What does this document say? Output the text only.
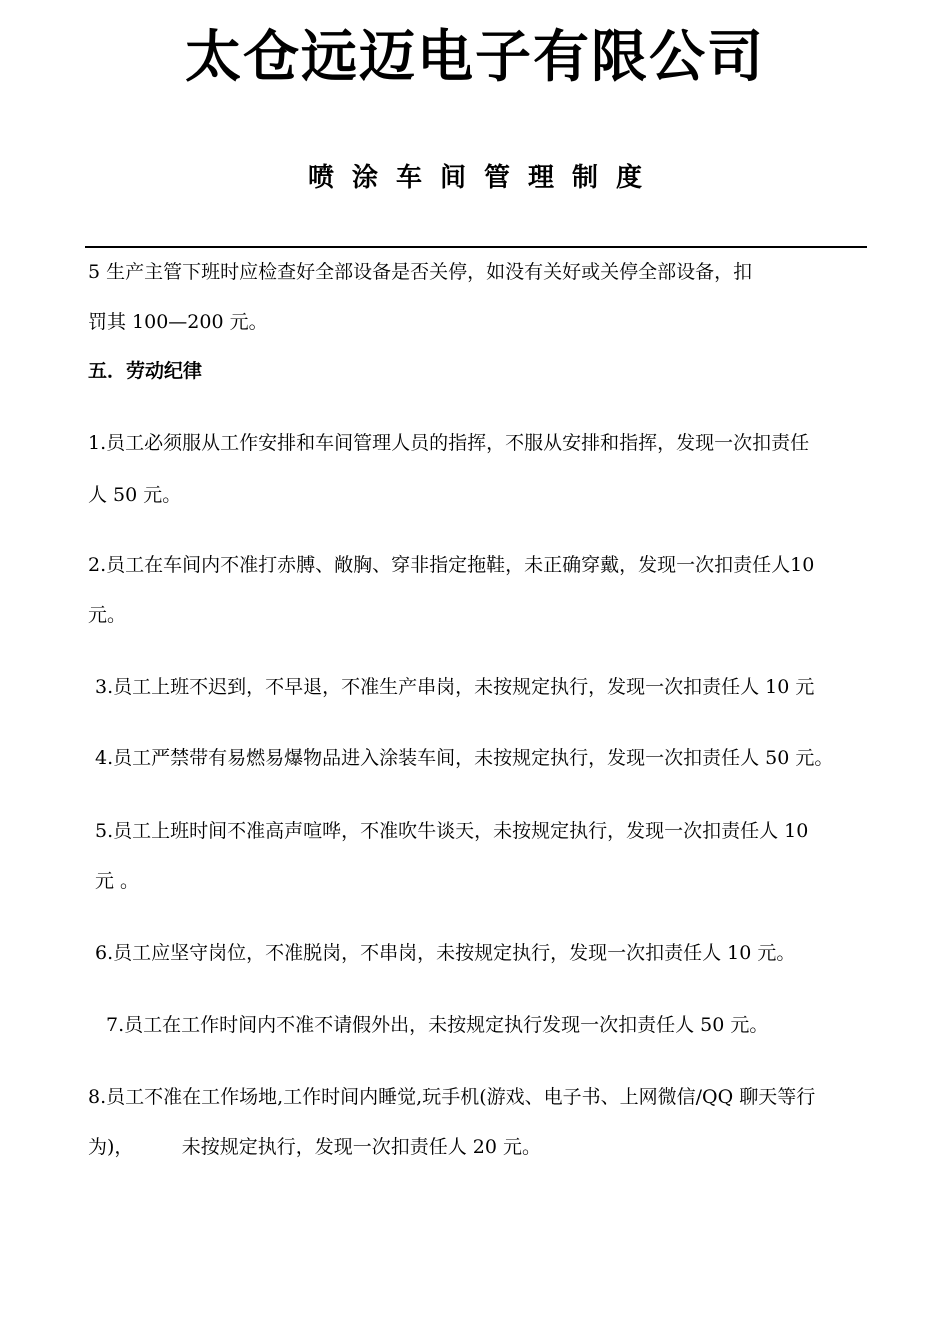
太仓远迈电子有限公司
喷涂车间管理制度
5 生产主管下班时应检查好全部设备是否关停，如没有关好或关停全部设备，扣
罚其 100—200 元。
五．劳动纪律
1.员工必须服从工作安排和车间管理人员的指挥，不服从安排和指挥，发现一次扣责任
人 50 元。
2.员工在车间内不准打赤膊、敞胸、穿非指定拖鞋，未正确穿戴，发现一次扣责任人10
元。
3.员工上班不迟到，不早退，不准生产串岗，未按规定执行，发现一次扣责任人 10 元
4.员工严禁带有易燃易爆物品进入涂装车间，未按规定执行，发现一次扣责任人 50 元。
5.员工上班时间不准高声喧哗，不准吹牛谈天，未按规定执行，发现一次扣责任人 10
元 。
6.员工应坚守岗位，不准脱岗，不串岗，未按规定执行，发现一次扣责任人 10 元。
7.员工在工作时间内不准不请假外出，未按规定执行发现一次扣责任人 50 元。
8.员工不准在工作场地,工作时间内睡觉,玩手机(游戏、电子书、上网微信/QQ 聊天等行
为)，        未按规定执行，发现一次扣责任人 20 元。
